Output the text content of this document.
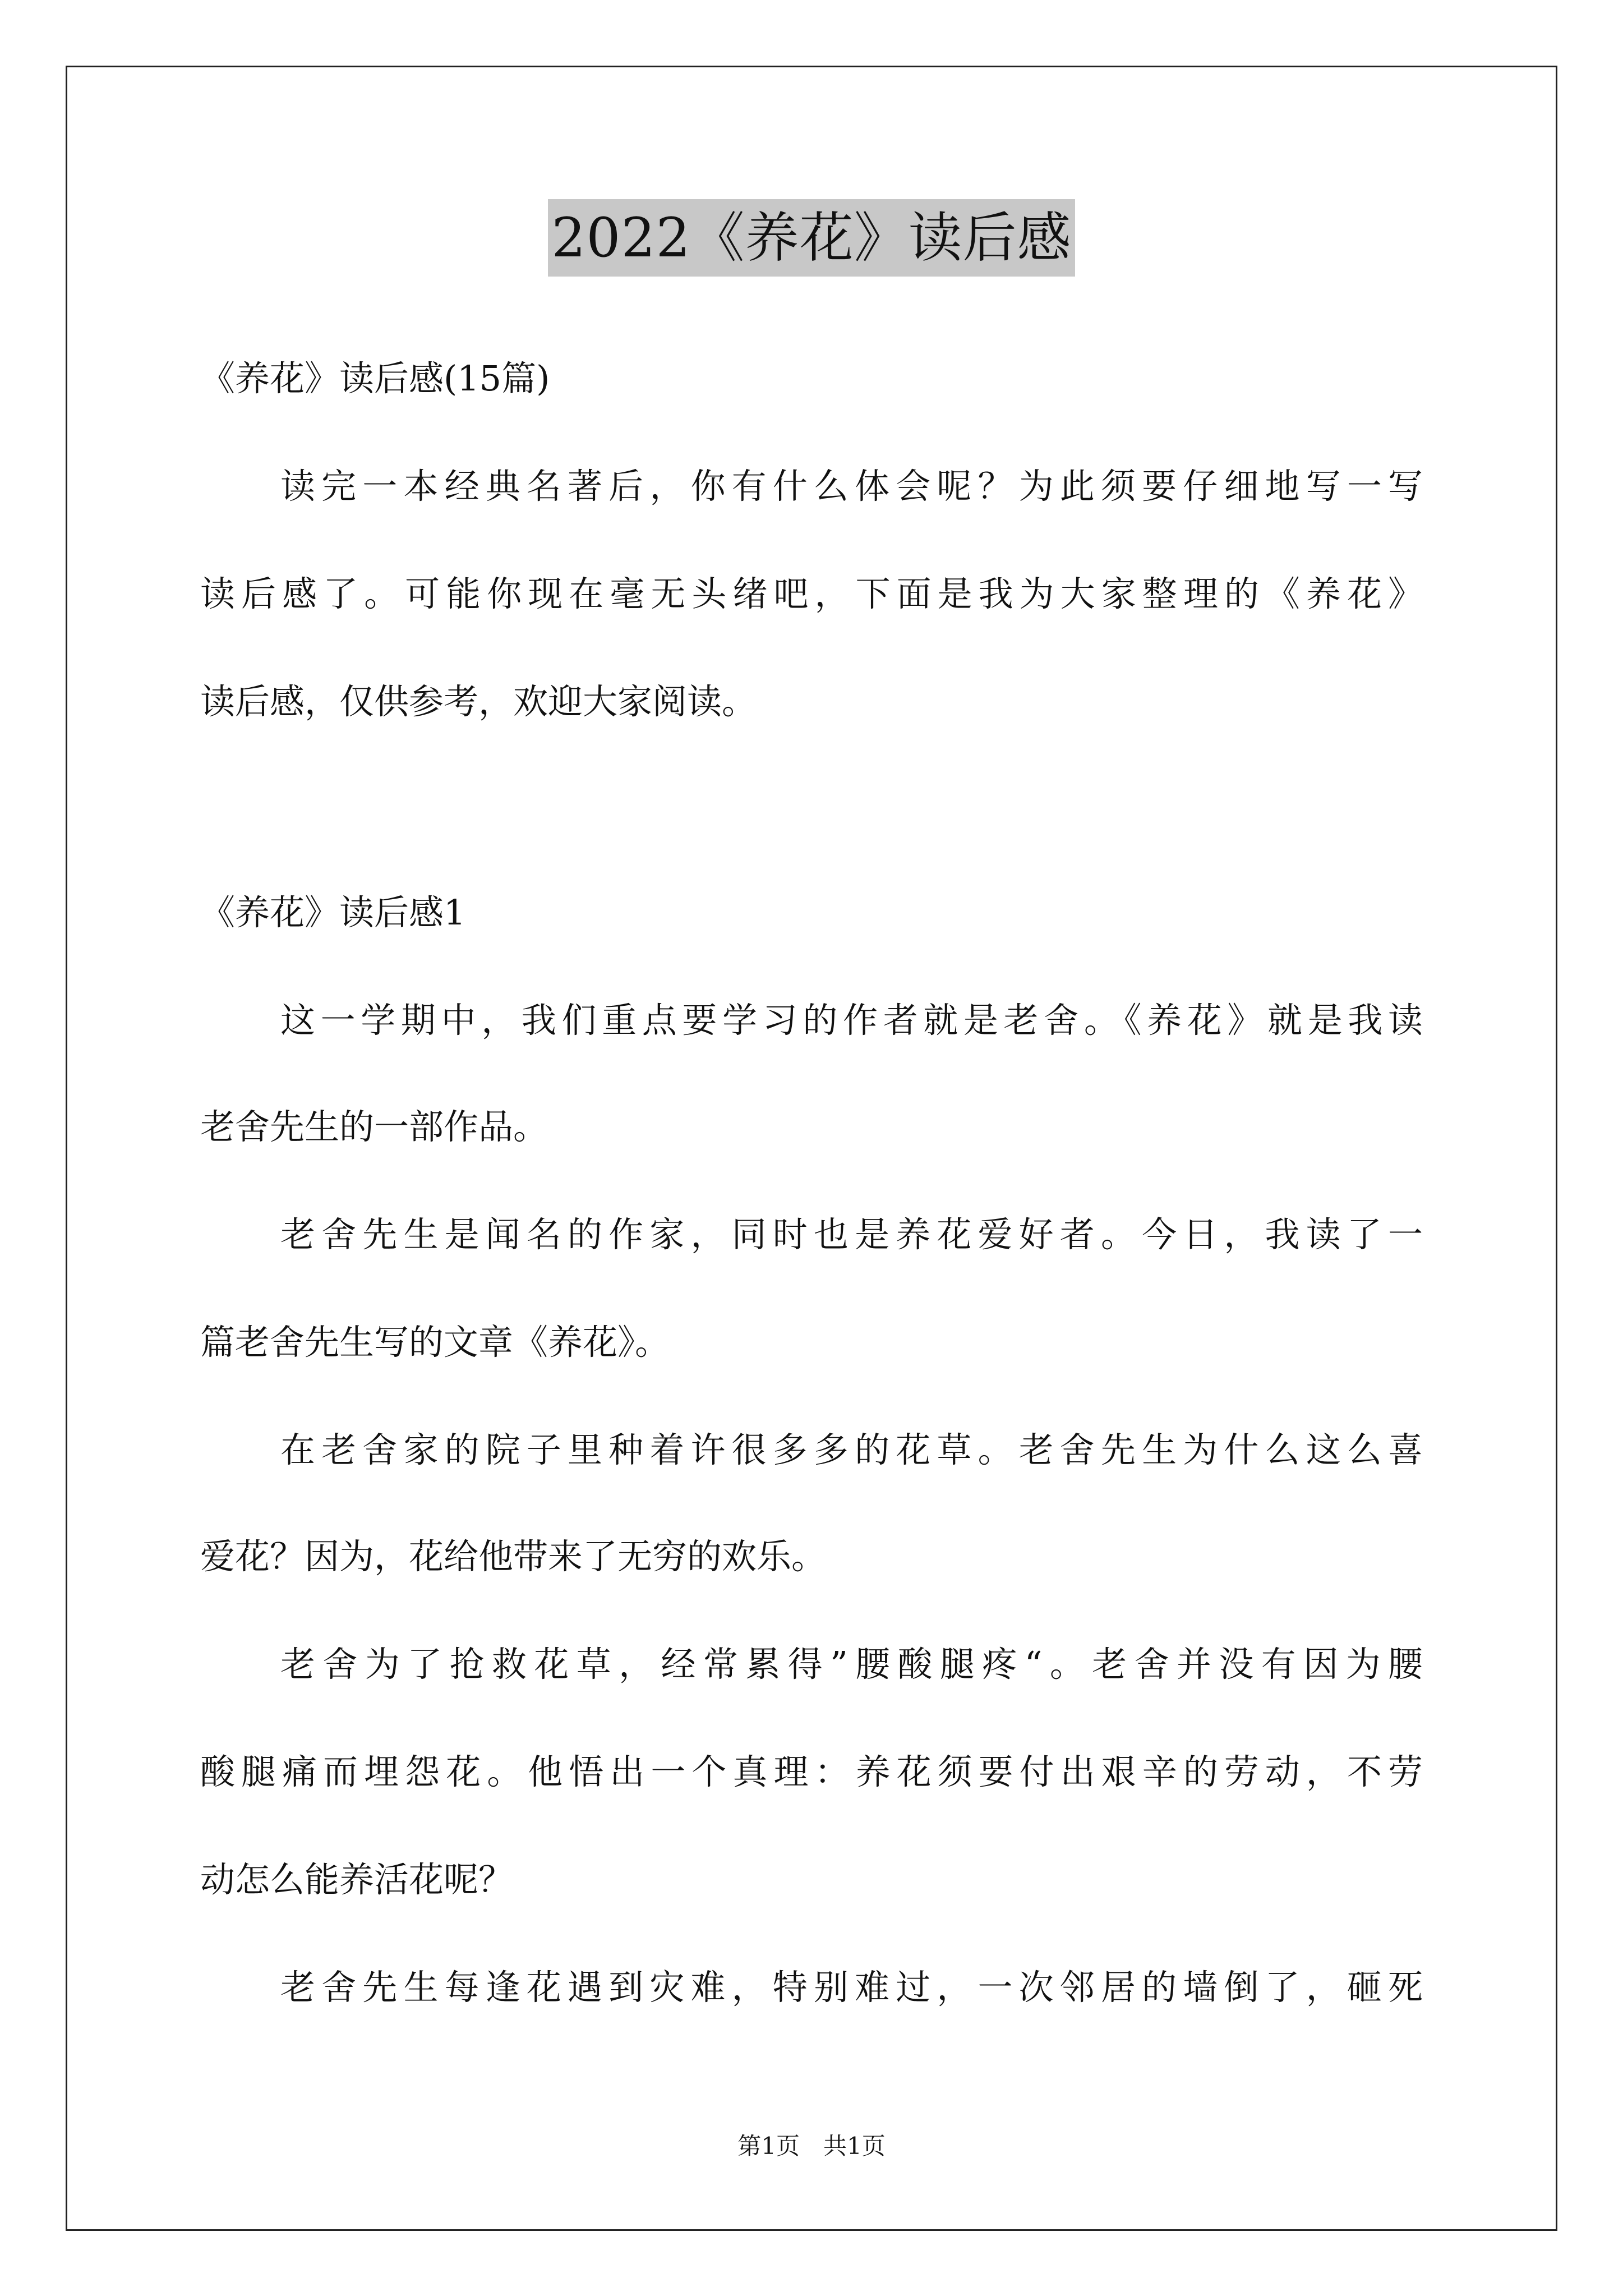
2022《养花》读后感
《养花》读后感(15篇)
读完一本经典名著后，你有什么体会呢？为此须要仔细地写一写
读后感了。可能你现在毫无头绪吧，下面是我为大家整理的《养花》
读后感，仅供参考，欢迎大家阅读。
《养花》读后感1
这一学期中，我们重点要学习的作者就是老舍。《养花》就是我读
老舍先生的一部作品。
老舍先生是闻名的作家，同时也是养花爱好者。今日，我读了一
篇老舍先生写的文章《养花》。
在老舍家的院子里种着许很多多的花草。老舍先生为什么这么喜
爱花？因为，花给他带来了无穷的欢乐。
老舍为了抢救花草，经常累得”腰酸腿疼“。老舍并没有因为腰
酸腿痛而埋怨花。他悟出一个真理：养花须要付出艰辛的劳动，不劳
动怎么能养活花呢？
老舍先生每逢花遇到灾难，特别难过，一次邻居的墙倒了，砸死
第1页　共1页
